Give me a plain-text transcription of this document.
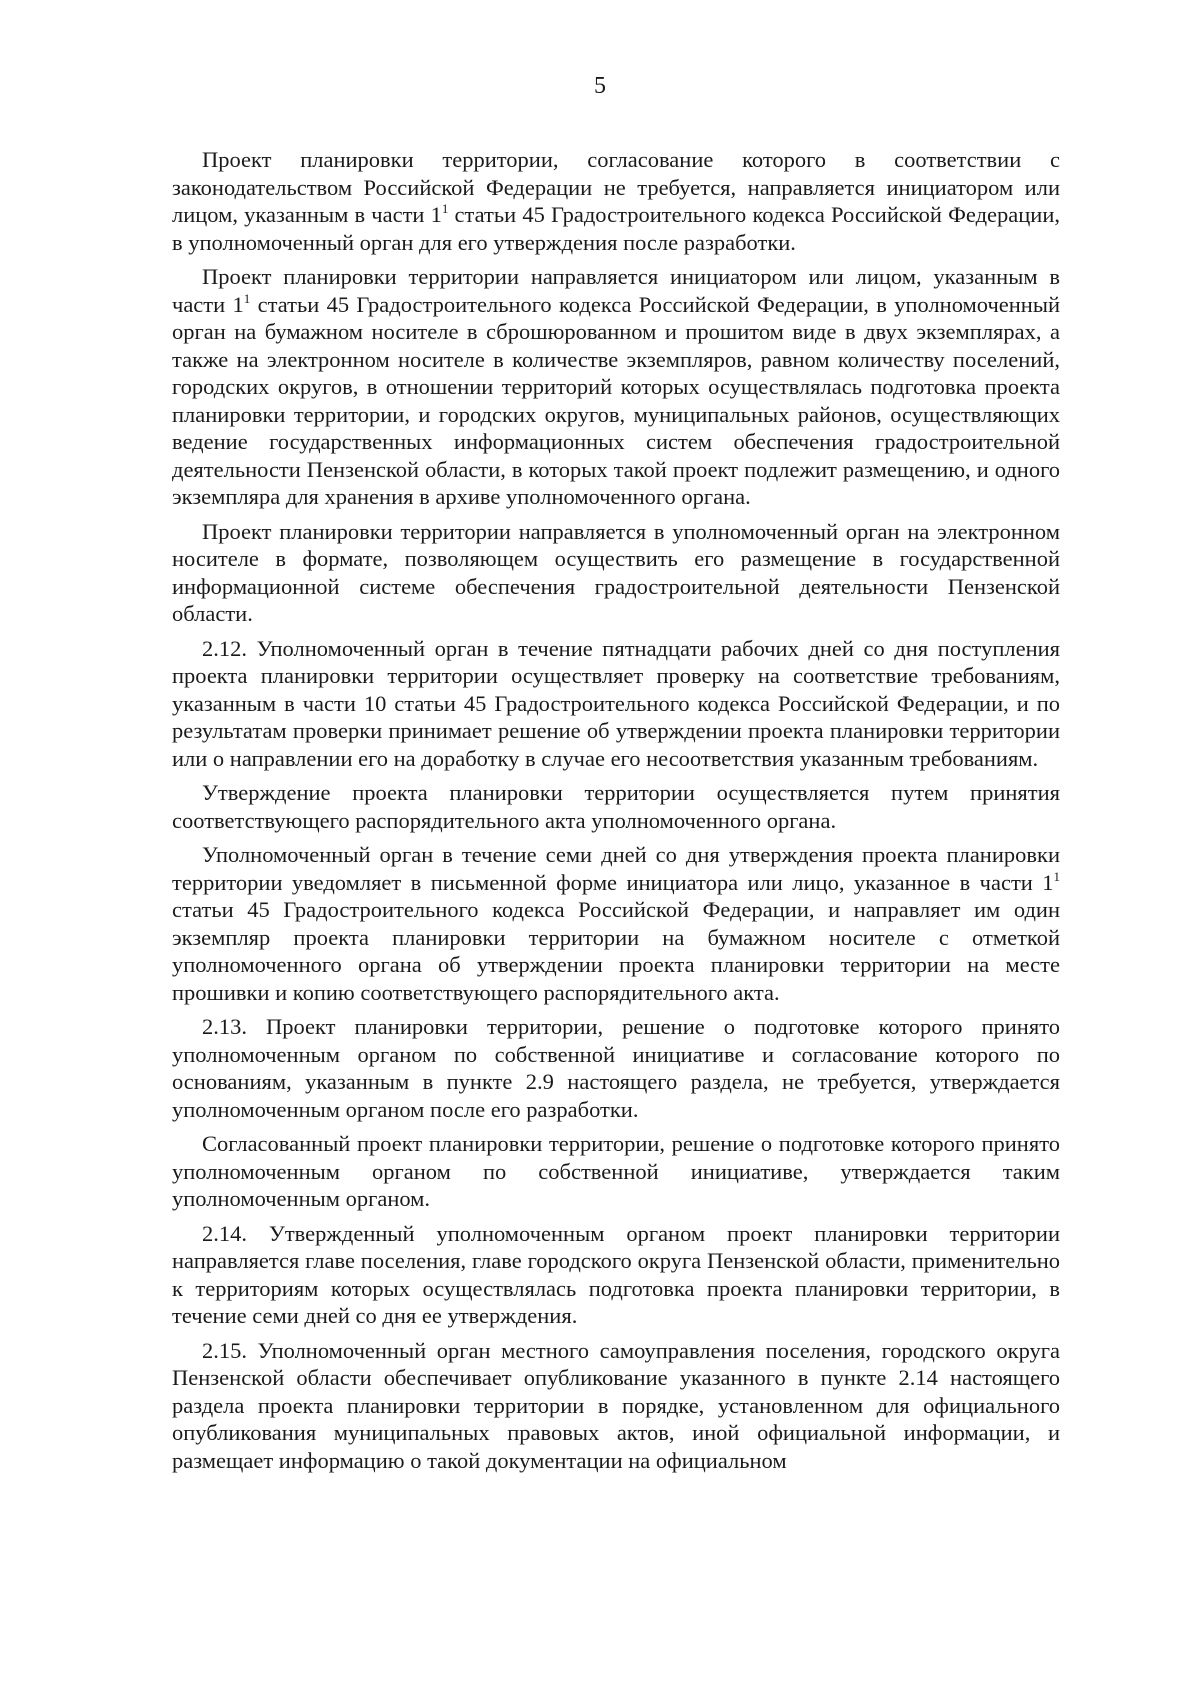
5

Проект планировки территории, согласование которого в соответствии с законодательством Российской Федерации не требуется, направляется инициатором или лицом, указанным в части $1^1$ статьи 45 Градостроительного кодекса Российской Федерации, в уполномоченный орган для его утверждения после разработки.

Проект планировки территории направляется инициатором или лицом, указанным в части $1^1$ статьи 45 Градостроительного кодекса Российской Федерации, в уполномоченный орган на бумажном носителе в сброшюрованном и прошитом виде в двух экземплярах, а также на электронном носителе в количестве экземпляров, равном количеству поселений, городских округов, в отношении территорий которых осуществлялась подготовка проекта планировки территории, и городских округов, муниципальных районов, осуществляющих ведение государственных информационных систем обеспечения градостроительной деятельности Пензенской области, в которых такой проект подлежит размещению, и одного экземпляра для хранения в архиве уполномоченного органа.

Проект планировки территории направляется в уполномоченный орган на электронном носителе в формате, позволяющем осуществить его размещение в государственной информационной системе обеспечения градостроительной деятельности Пензенской области.

2.12. Уполномоченный орган в течение пятнадцати рабочих дней со дня поступления проекта планировки территории осуществляет проверку на соответствие требованиям, указанным в части 10 статьи 45 Градостроительного кодекса Российской Федерации, и по результатам проверки принимает решение об утверждении проекта планировки территории или о направлении его на доработку в случае его несоответствия указанным требованиям.

Утверждение проекта планировки территории осуществляется путем принятия соответствующего распорядительного акта уполномоченного органа.

Уполномоченный орган в течение семи дней со дня утверждения проекта планировки территории уведомляет в письменной форме инициатора или лицо, указанное в части $1^1$ статьи 45 Градостроительного кодекса Российской Федерации, и направляет им один экземпляр проекта планировки территории на бумажном носителе с отметкой уполномоченного органа об утверждении проекта планировки территории на месте прошивки и копию соответствующего распорядительного акта.

2.13. Проект планировки территории, решение о подготовке которого принято уполномоченным органом по собственной инициативе и согласование которого по основаниям, указанным в пункте 2.9 настоящего раздела, не требуется, утверждается уполномоченным органом после его разработки.

Согласованный проект планировки территории, решение о подготовке которого принято уполномоченным органом по собственной инициативе, утверждается таким уполномоченным органом.

2.14. Утвержденный уполномоченным органом проект планировки территории направляется главе поселения, главе городского округа Пензенской области, применительно к территориям которых осуществлялась подготовка проекта планировки территории, в течение семи дней со дня ее утверждения.

2.15. Уполномоченный орган местного самоуправления поселения, городского округа Пензенской области обеспечивает опубликование указанного в пункте 2.14 настоящего раздела проекта планировки территории в порядке, установленном для официального опубликования муниципальных правовых актов, иной официальной информации, и размещает информацию о такой документации на официальном
